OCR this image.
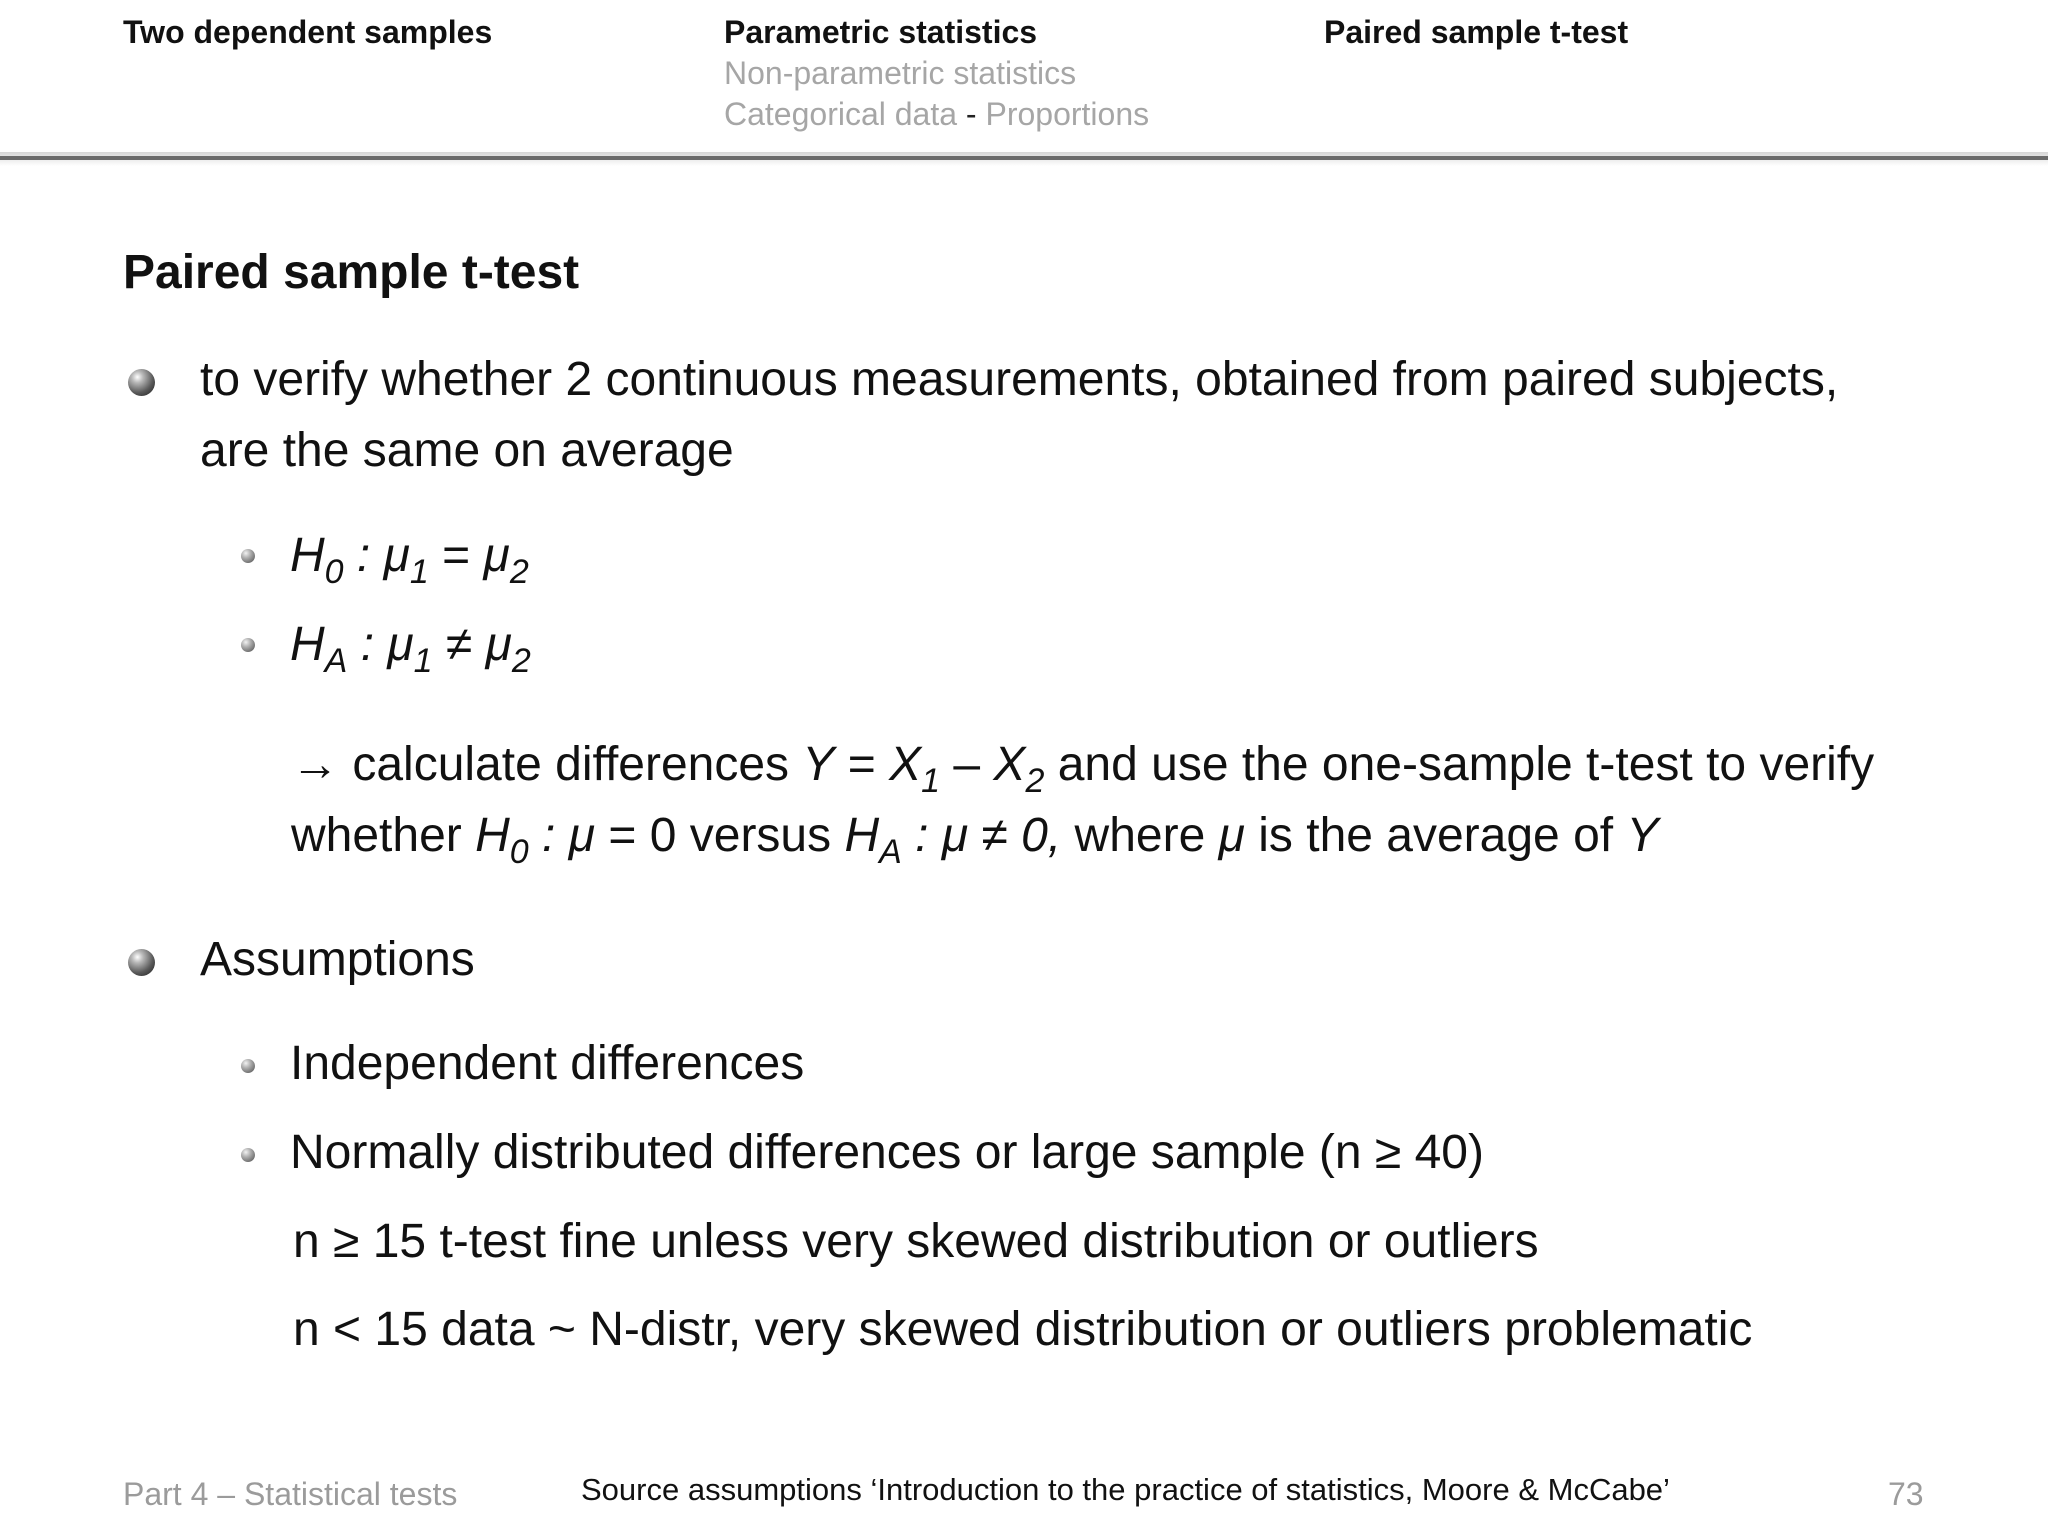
Two dependent samples	Parametric statistics
Non-parametric statistics
Categorical data - Proportions
Paired sample t-test
Paired sample t-test
to verify whether 2 continuous measurements, obtained from paired subjects,
are the same on average
$H_0$ : $\mu_1 = \mu_2$
$H_A$ : $\mu_1 \ne \mu_2$
→ calculate differences $Y = X_1 - X_2$ and use the one-sample t-test to verify
whether $H_0$ : μ = 0 versus $H_A$ : μ ≠ 0, where μ is the average of Y
Assumptions
Independent differences
Normally distributed differences or large sample (n ≥ 40)
n ≥ 15 t-test fine unless very skewed distribution or outliers
n < 15 data ~ N-distr, very skewed distribution or outliers problematic
Part 4 – Statistical tests	Source assumptions ‘Introduction to the practice of statistics, Moore & McCabe’	73
